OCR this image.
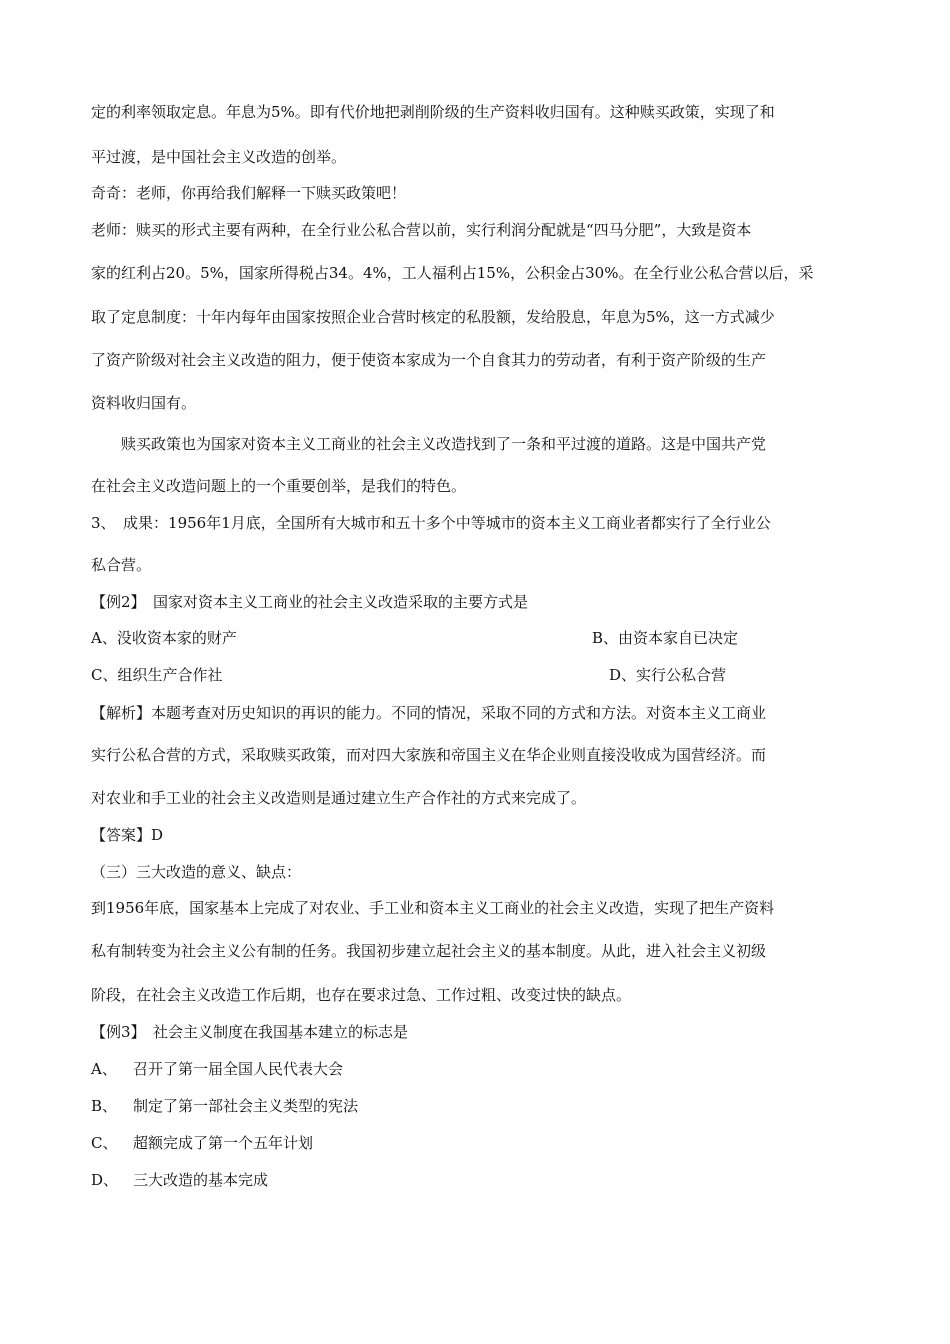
定的利率领取定息。年息为5%。即有代价地把剥削阶级的生产资料收归国有。这种赎买政策，实现了和
平过渡，是中国社会主义改造的创举。
奇奇：老师，你再给我们解释一下赎买政策吧！
老师：赎买的形式主要有两种，在全行业公私合营以前，实行利润分配就是“四马分肥”，大致是资本
家的红利占20。5%，国家所得税占34。4%，工人福利占15%，公积金占30%。在全行业公私合营以后，采
取了定息制度：十年内每年由国家按照企业合营时核定的私股额，发给股息，年息为5%，这一方式减少
了资产阶级对社会主义改造的阻力，便于使资本家成为一个自食其力的劳动者，有利于资产阶级的生产
资料收归国有。
赎买政策也为国家对资本主义工商业的社会主义改造找到了一条和平过渡的道路。这是中国共产党
在社会主义改造问题上的一个重要创举，是我们的特色。
3、　成果：1956年1月底，全国所有大城市和五十多个中等城市的资本主义工商业者都实行了全行业公
私合营。
【例2】　国家对资本主义工商业的社会主义改造采取的主要方式是
A、没收资本家的财产	B、由资本家自已决定
C、组织生产合作社	D、实行公私合营
【解析】本题考查对历史知识的再识的能力。不同的情况，采取不同的方式和方法。对资本主义工商业
实行公私合营的方式，采取赎买政策，而对四大家族和帝国主义在华企业则直接没收成为国营经济。而
对农业和手工业的社会主义改造则是通过建立生产合作社的方式来完成了。
【答案】D
（三）三大改造的意义、缺点：
到1956年底，国家基本上完成了对农业、手工业和资本主义工商业的社会主义改造，实现了把生产资料
私有制转变为社会主义公有制的任务。我国初步建立起社会主义的基本制度。从此，进入社会主义初级
阶段，在社会主义改造工作后期，也存在要求过急、工作过粗、改变过快的缺点。
【例3】　社会主义制度在我国基本建立的标志是
A、 召开了第一届全国人民代表大会
B、 制定了第一部社会主义类型的宪法
C、 超额完成了第一个五年计划
D、 三大改造的基本完成
